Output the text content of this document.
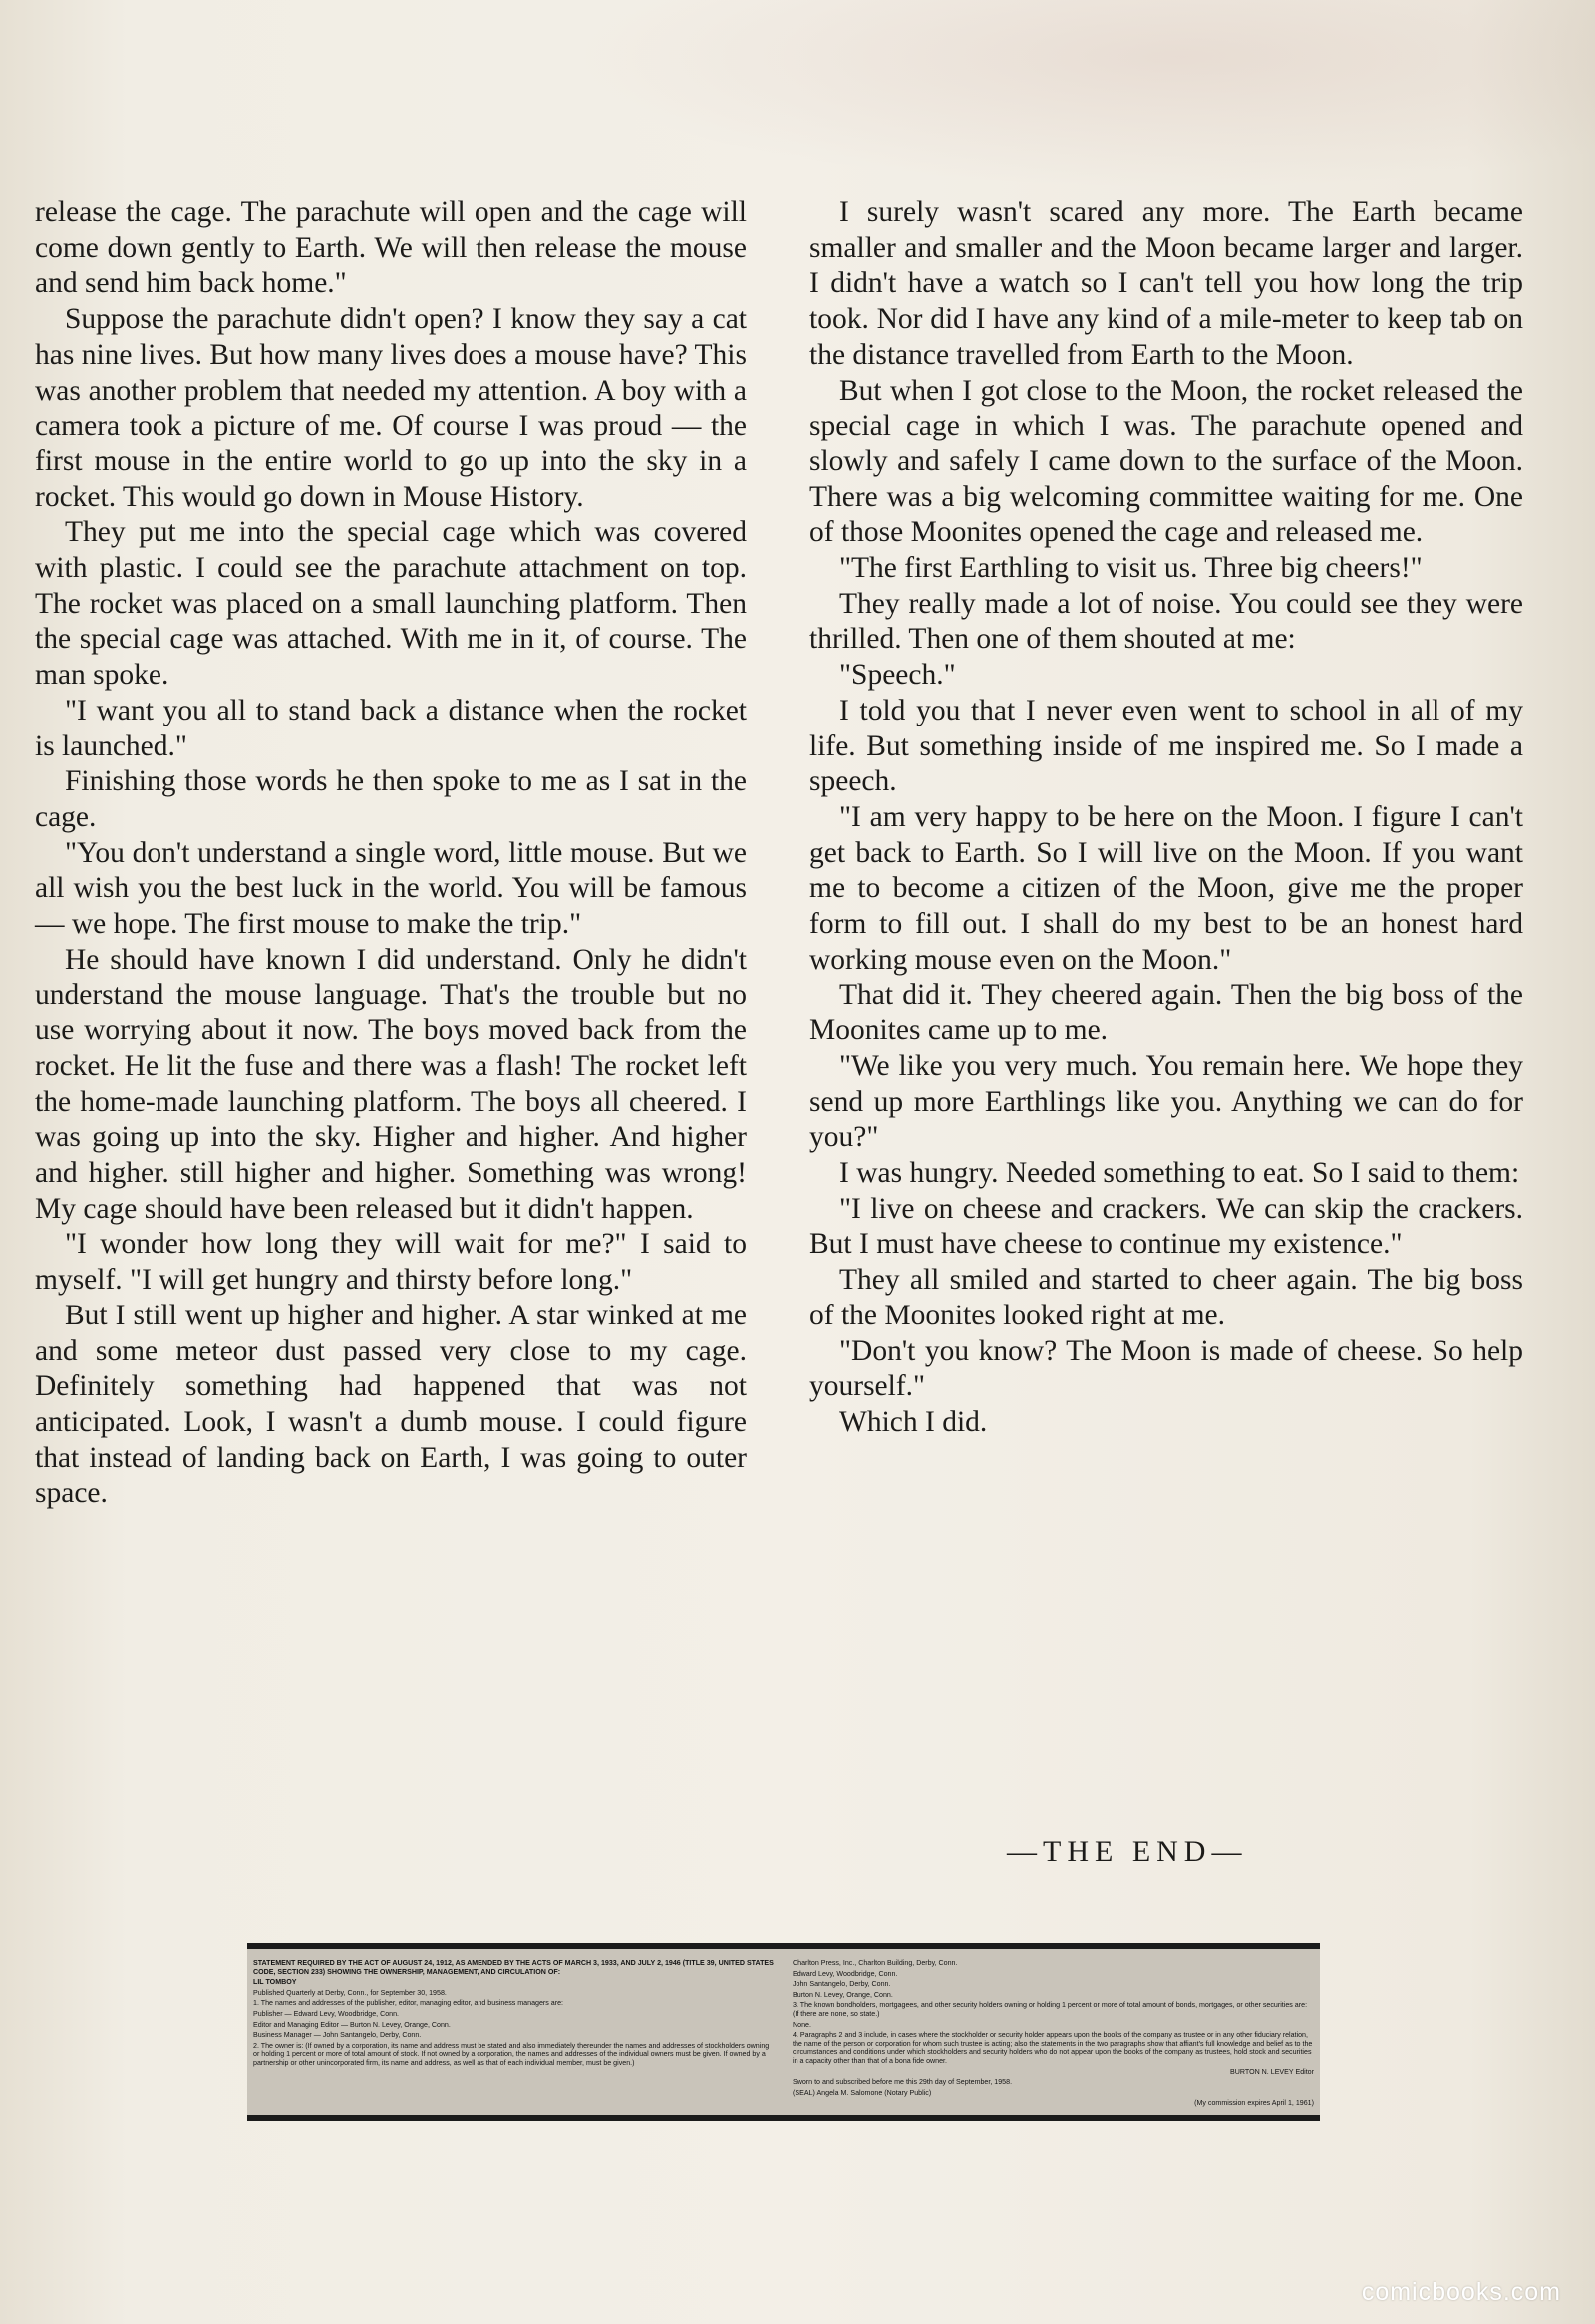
release the cage. The parachute will open and the cage will come down gently to Earth. We will then release the mouse and send him back home."

Suppose the parachute didn't open? I know they say a cat has nine lives. But how many lives does a mouse have? This was another problem that needed my attention. A boy with a camera took a picture of me. Of course I was proud — the first mouse in the entire world to go up into the sky in a rocket. This would go down in Mouse History.

They put me into the special cage which was covered with plastic. I could see the parachute attachment on top. The rocket was placed on a small launching platform. Then the special cage was attached. With me in it, of course. The man spoke.

"I want you all to stand back a distance when the rocket is launched."

Finishing those words he then spoke to me as I sat in the cage.

"You don't understand a single word, little mouse. But we all wish you the best luck in the world. You will be famous — we hope. The first mouse to make the trip."

He should have known I did understand. Only he didn't understand the mouse language. That's the trouble but no use worrying about it now. The boys moved back from the rocket. He lit the fuse and there was a flash! The rocket left the home-made launching platform. The boys all cheered. I was going up into the sky. Higher and higher. And higher and higher. still higher and higher. Something was wrong! My cage should have been released but it didn't happen.

"I wonder how long they will wait for me?" I said to myself. "I will get hungry and thirsty before long."

But I still went up higher and higher. A star winked at me and some meteor dust passed very close to my cage. Definitely something had happened that was not anticipated. Look, I wasn't a dumb mouse. I could figure that instead of landing back on Earth, I was going to outer space.

I surely wasn't scared any more. The Earth became smaller and smaller and the Moon became larger and larger. I didn't have a watch so I can't tell you how long the trip took. Nor did I have any kind of a mile-meter to keep tab on the distance travelled from Earth to the Moon.

But when I got close to the Moon, the rocket released the special cage in which I was. The parachute opened and slowly and safely I came down to the surface of the Moon. There was a big welcoming committee waiting for me. One of those Moonites opened the cage and released me.

"The first Earthling to visit us. Three big cheers!"

They really made a lot of noise. You could see they were thrilled. Then one of them shouted at me:

"Speech."

I told you that I never even went to school in all of my life. But something inside of me inspired me. So I made a speech.

"I am very happy to be here on the Moon. I figure I can't get back to Earth. So I will live on the Moon. If you want me to become a citizen of the Moon, give me the proper form to fill out. I shall do my best to be an honest hard working mouse even on the Moon."

That did it. They cheered again. Then the big boss of the Moonites came up to me.

"We like you very much. You remain here. We hope they send up more Earthlings like you. Anything we can do for you?"

I was hungry. Needed something to eat. So I said to them:

"I live on cheese and crackers. We can skip the crackers. But I must have cheese to continue my existence."

They all smiled and started to cheer again. The big boss of the Moonites looked right at me.

"Don't you know? The Moon is made of cheese. So help yourself."

Which I did.

—THE END—

STATEMENT REQUIRED BY THE ACT OF AUGUST 24, 1912, AS AMENDED BY THE ACTS OF MARCH 3, 1933, AND JULY 2, 1946 (TITLE 39, UNITED STATES CODE, SECTION 233) SHOWING THE OWNERSHIP, MANAGEMENT, AND CIRCULATION OF:

LIL TOMBOY

Published Quarterly at Derby, Conn., for September 30, 1958.

1. The names and addresses of the publisher, editor, managing editor, and business managers are:

Publisher — Edward Levy, Woodbridge, Conn.

Editor and Managing Editor — Burton N. Levey, Orange, Conn.

Business Manager — John Santangelo, Derby, Conn.

2. The owner is: (If owned by a corporation, its name and address must be stated and also immediately thereunder the names and addresses of stockholders owning or holding 1 percent or more of total amount of stock. If not owned by a corporation, the names and addresses of the individual owners must be given. If owned by a partnership or other unincorporated firm, its name and address, as well as that of each individual member, must be given.)

Charlton Press, Inc., Charlton Building, Derby, Conn.

Edward Levy, Woodbridge, Conn.

John Santangelo, Derby, Conn.

Burton N. Levey, Orange, Conn.

3. The known bondholders, mortgagees, and other security holders owning or holding 1 percent or more of total amount of bonds, mortgages, or other securities are: (If there are none, so state.)

None.

4. Paragraphs 2 and 3 include, in cases where the stockholder or security holder appears upon the books of the company as trustee or in any other fiduciary relation, the name of the person or corporation for whom such trustee is acting; also the statements in the two paragraphs show that affiant's full knowledge and belief as to the circumstances and conditions under which stockholders and security holders who do not appear upon the books of the company as trustees, hold stock and securities in a capacity other than that of a bona fide owner.

BURTON N. LEVEY Editor

Sworn to and subscribed before me this 29th day of September, 1958.

(SEAL) Angela M. Salomone (Notary Public)

(My commission expires April 1, 1961)

comicbooks.com
